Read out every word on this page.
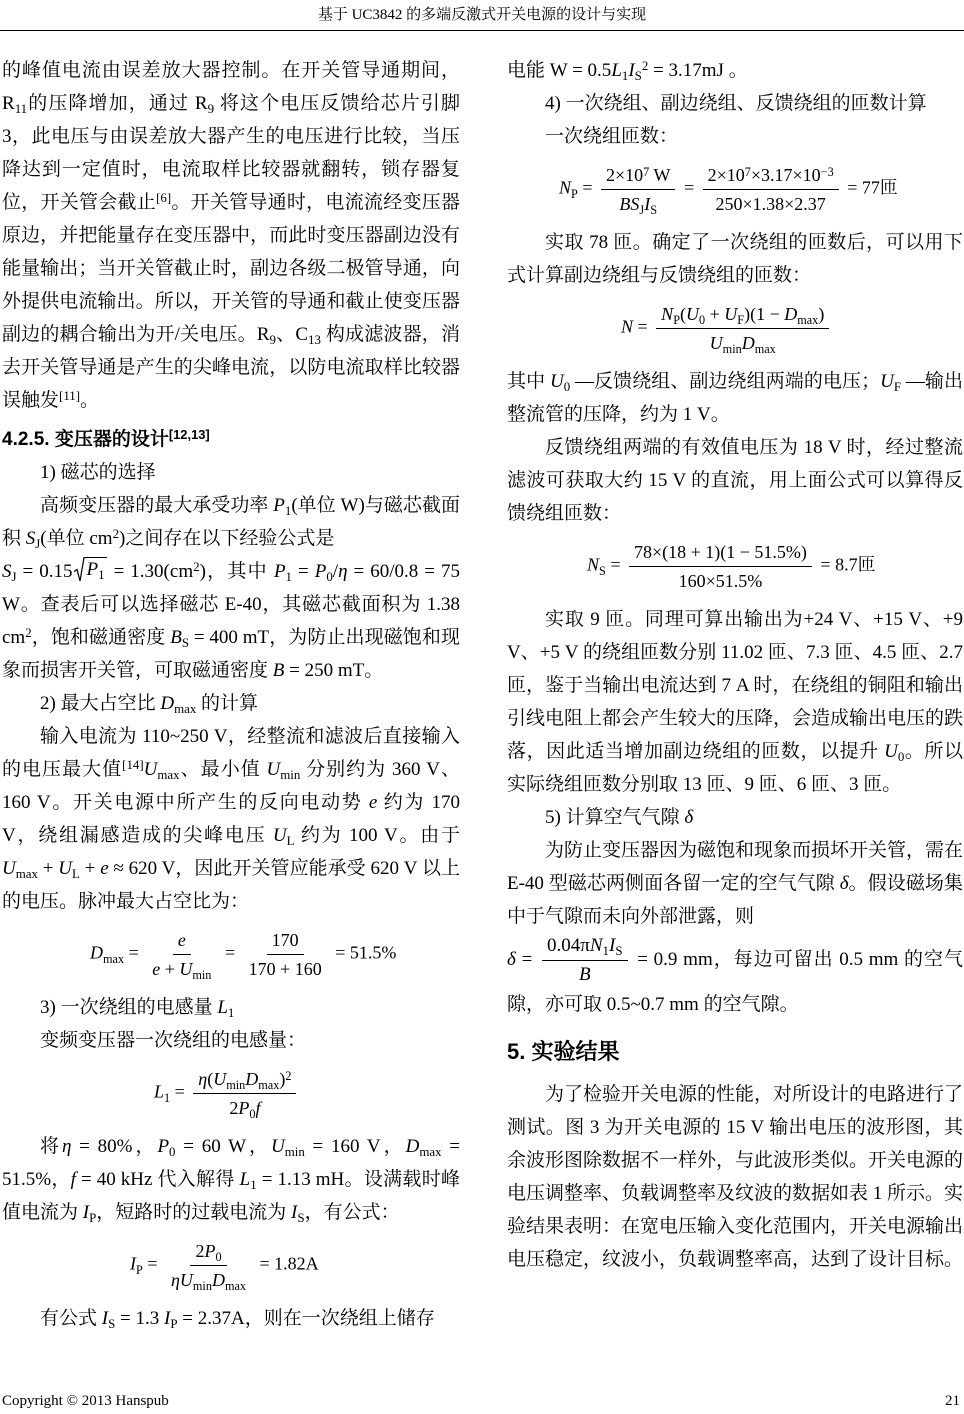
基于 UC3842 的多端反激式开关电源的设计与实现
的峰值电流由误差放大器控制。在开关管导通期间，$R_{11}$的压降增加，通过 $R_9$ 将这个电压反馈给芯片引脚 3，此电压与由误差放大器产生的电压进行比较，当压降达到一定值时，电流取样比较器就翻转，锁存器复位，开关管会截止[6]。开关管导通时，电流流经变压器原边，并把能量存在变压器中，而此时变压器副边没有能量输出；当开关管截止时，副边各级二极管导通，向外提供电流输出。所以，开关管的导通和截止使变压器副边的耦合输出为开/关电压。$R_9$、$C_{13}$ 构成滤波器，消去开关管导通是产生的尖峰电流，以防电流取样比较器误触发[11]。
4.2.5. 变压器的设计[12,13]
1) 磁芯的选择
高频变压器的最大承受功率 $P_1$(单位 W)与磁芯截面积 $S_J$(单位 $cm^2$)之间存在以下经验公式是
$S_J = 0.15$ $P_1 = 1.30(cm^2)$，其中 $P_1 = P_0/\eta = 60/0.8 = 75$ W。查表后可以选择磁芯 E-40，其磁芯截面积为 1.38 $cm^2$，饱和磁通密度 $B_S = 400$ mT，为防止出现磁饱和现象而损害开关管，可取磁通密度 B = 250 mT。
2) 最大占空比 $D_{max}$ 的计算
输入电流为 110~250 V，经整流和滤波后直接输入的电压最大值$[14]U_{max}$、最小值 $U_{min}$ 分别约为 360 V、160 V。开关电源中所产生的反向电动势 e 约为 170 V，绕组漏感造成的尖峰电压 $U_L$ 约为 100 V。由于 $U_{max} + U_L + e \approx 620$ V，因此开关管应能承受 620 V 以上的电压。脉冲最大占空比为：
$D_{max} = \frac{e}{e + U_{min}} = \frac{170}{170 + 160} = 51.5\%$
3) 一次绕组的电感量 $L_1$
变频变压器一次绕组的电感量：
$L_1 = \frac{\eta(U_{min}D_{max})^2}{2P_0f}$
将η = 80%，$P_0 = 60$ W，$U_{min} = 160$ V，$D_{max} = 51.5\%$，f = 40 kHz 代入解得 $L_1 = 1.13$ mH。设满载时峰值电流为 $I_P$，短路时的过载电流为 $I_S$，有公式：
$I_P = \frac{2P_0}{\eta U_{min}D_{max}} = 1.82A$
有公式 $I_S = 1.3$ $I_P = 2.37A$，则在一次绕组上储存
电能 $W = 0.5L_1I_S^2 = 3.17mJ$ 。
4) 一次绕组、副边绕组、反馈绕组的匝数计算
一次绕组匝数：
$N_P = \frac{2\times 10^7 W}{BS_JI_S} = \frac{2\times 10^7\times 3.17\times 10^{-3}}{250\times 1.38\times 2.37} = 77$匝
实取 78 匝。确定了一次绕组的匝数后，可以用下式计算副边绕组与反馈绕组的匝数：
$N = \frac{N_P(U_0 + U_F)(1 - D_{max})}{U_{min}D_{max}}$
其中 $U_0$ —反馈绕组、副边绕组两端的电压；$U_F$ —输出整流管的压降，约为 1 V。
反馈绕组两端的有效值电压为 18 V 时，经过整流滤波可获取大约 15 V 的直流，用上面公式可以算得反馈绕组匝数：
$N_S = \frac{78\times(18 + 1)(1 - 51.5\%)}{160\times 51.5\%} = 8.7$匝
实取 9 匝。同理可算出输出为+24 V、+15 V、+9 V、+5 V 的绕组匝数分别 11.02 匝、7.3 匝、4.5 匝、2.7 匝，鉴于当输出电流达到 7 A 时，在绕组的铜阻和输出引线电阻上都会产生较大的压降，会造成输出电压的跌落，因此适当增加副边绕组的匝数，以提升 $U_0$。所以实际绕组匝数分别取 13 匝、9 匝、6 匝、3 匝。
5) 计算空气气隙 δ
为防止变压器因为磁饱和现象而损坏开关管，需在 E-40 型磁芯两侧面各留一定的空气气隙 δ。假设磁场集中于气隙而未向外部泄露，则
$\delta = \frac{0.04\pi N_1I_S}{B} = 0.9$ mm，每边可留出 0.5 mm 的空气隙，亦可取 0.5~0.7 mm 的空气隙。
5. 实验结果
为了检验开关电源的性能，对所设计的电路进行了测试。图 3 为开关电源的 15 V 输出电压的波形图，其余波形图除数据不一样外，与此波形类似。开关电源的电压调整率、负载调整率及纹波的数据如表 1 所示。实验结果表明：在宽电压输入变化范围内，开关电源输出电压稳定，纹波小，负载调整率高，达到了设计目标。
Copyright © 2013 Hanspub	21
